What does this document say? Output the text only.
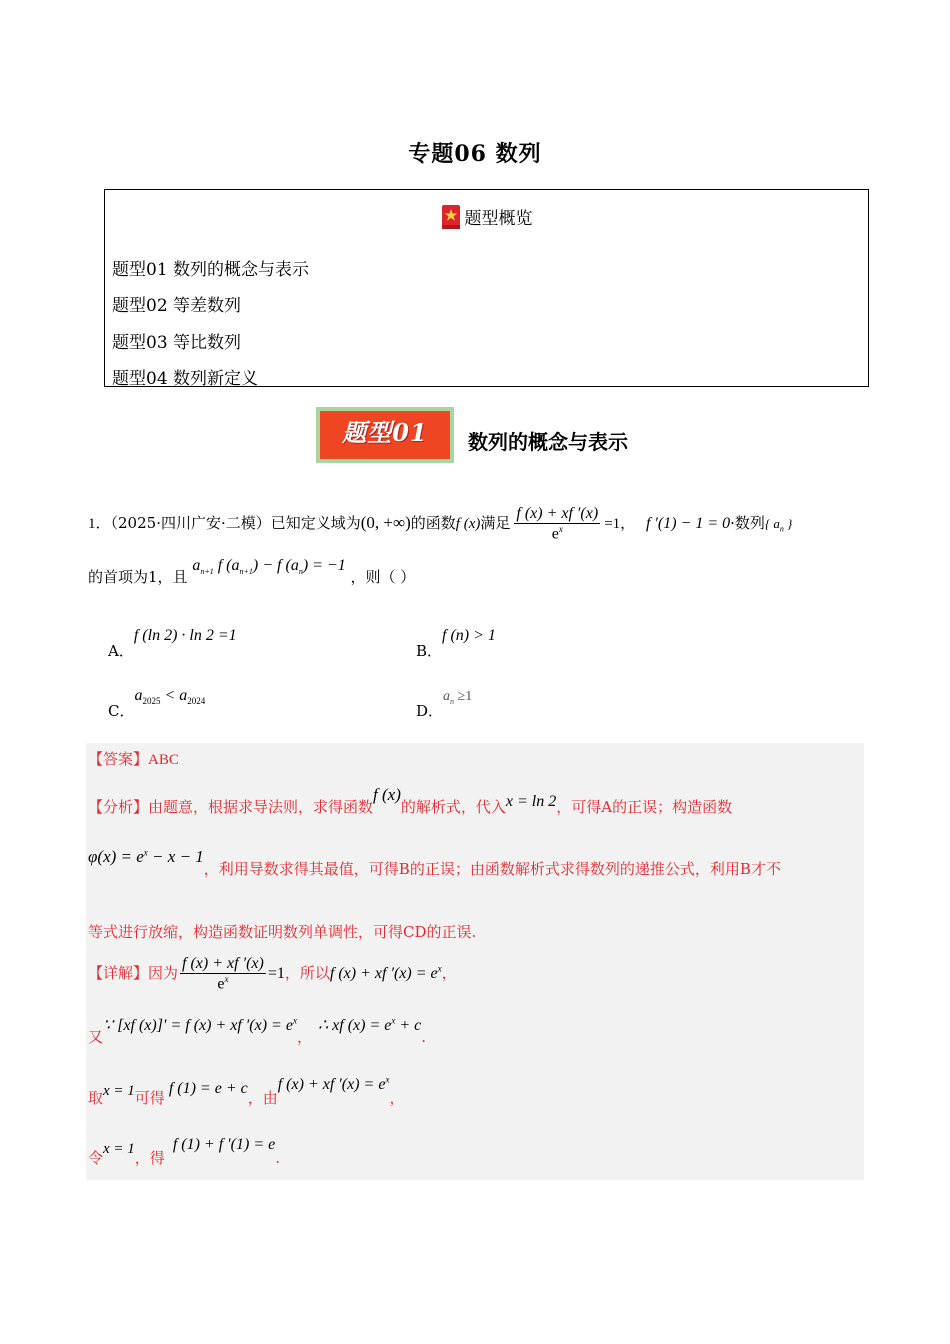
专题06 数列
题型概览
题型01 数列的概念与表示
题型02 等差数列
题型03 等比数列
题型04 数列新定义
题型01	数列的概念与表示
1．（2025·四川广安·二模）已知定义域为(0, +∞)的函数f (x)满足 $\frac{f (x) + xf '(x)}{e^x} =1$， f ′(1) − 1 = 0·数列{ $a_n$ }
的首项为1，且 $a_{n+1}$ f $(a_{n+1}) - f$ $(a_n) = -1$ ，则（ ）
A．f (ln 2) · ln 2 =1
B．f (n) > 1
C．$a_{2025} < a_{2024}$
D．$a_n \ge 1$
【答案】ABC
【分析】由题意，根据求导法则，求得函数f (x)的解析式，代入x = ln 2，可得A的正误；构造函数
$\varphi(x) = e^x - x - 1$，利用导数求得其最值，可得B的正误；由函数解析式求得数列的递推公式，利用B才不
等式进行放缩，构造函数证明数列单调性，可得CD的正误.
【详解】因为 $\frac{f (x) + xf '(x)}{e^x} =1$，所以f (x) + xf $'(x) = e^x$，
又∵ [xf (x)]′ = f (x) + xf $'(x) = e^x$，∴ xf $(x) = e^x + c$.
取x = 1可得f (1) = e + c，由f (x) + xf $'(x) = e^x$，
令x = 1，得f (1) + f ′(1) = e.
